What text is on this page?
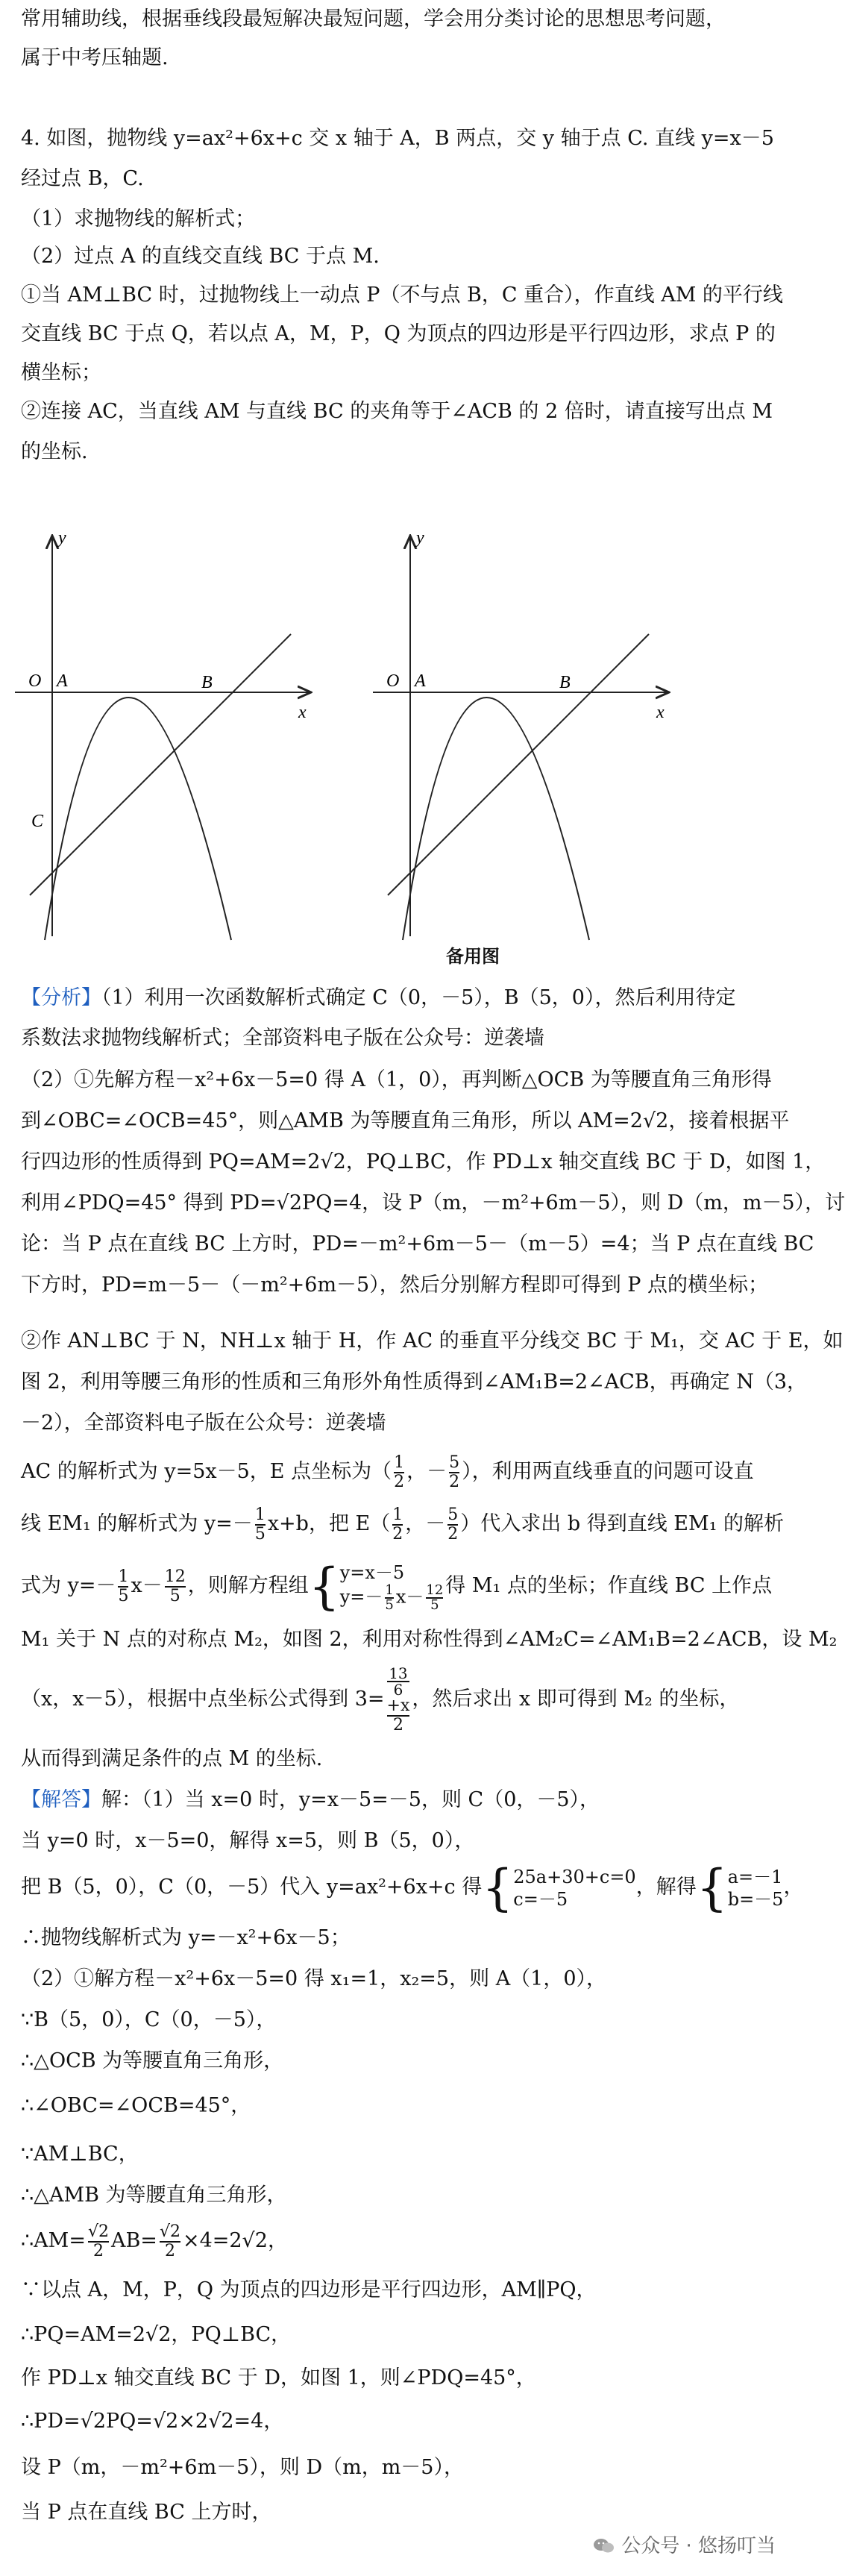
常用辅助线，根据垂线段最短解决最短问题，学会用分类讨论的思想思考问题，
属于中考压轴题.
4. 如图，抛物线 y=ax²+6x+c 交 x 轴于 A，B 两点，交 y 轴于点 C. 直线 y=x－5
经过点 B，C.
（1）求抛物线的解析式；
（2）过点 A 的直线交直线 BC 于点 M.
①当 AM⊥BC 时，过抛物线上一动点 P（不与点 B，C 重合），作直线 AM 的平行线
交直线 BC 于点 Q，若以点 A，M，P，Q 为顶点的四边形是平行四边形，求点 P 的
横坐标；
②连接 AC，当直线 AM 与直线 BC 的夹角等于∠ACB 的 2 倍时，请直接写出点 M
的坐标.
y
x
O A	B
C
y
x
O A	B
备用图
【分析】（1）利用一次函数解析式确定 C（0，－5），B（5，0），然后利用待定
系数法求抛物线解析式；全部资料电子版在公众号：逆袭墙
（2）①先解方程－x²+6x－5=0 得 A（1，0），再判断△OCB 为等腰直角三角形得
到∠OBC=∠OCB=45°，则△AMB 为等腰直角三角形，所以 AM=2√2，接着根据平
行四边形的性质得到 PQ=AM=2√2，PQ⊥BC，作 PD⊥x 轴交直线 BC 于 D，如图 1，
利用∠PDQ=45° 得到 PD=√2PQ=4，设 P（m，－m²+6m－5），则 D（m，m－5），讨
论：当 P 点在直线 BC 上方时，PD=－m²+6m－5－（m－5）=4；当 P 点在直线 BC
下方时，PD=m－5－（－m²+6m－5），然后分别解方程即可得到 P 点的横坐标；
②作 AN⊥BC 于 N，NH⊥x 轴于 H，作 AC 的垂直平分线交 BC 于 M₁，交 AC 于 E，如
图 2，利用等腰三角形的性质和三角形外角性质得到∠AM₁B=2∠ACB，再确定 N（3，
－2），全部资料电子版在公众号：逆袭墙
AC 的解析式为 y=5x－5，E 点坐标为（ $\frac{1}{2}$ ，－ $\frac{5}{2}$ ），利用两直线垂直的问题可设直
线 EM₁ 的解析式为 $y=- \frac{1}{5} x+b$，把 $E( \frac{1}{2}$ ，－ $\frac{5}{2}$ ）代入求出 b 得到直线 EM₁ 的解析
式为 $y=- \frac{1}{5} x- \frac{12}{5}$ ，则解方程组{ y=x－5
$y=- \frac{1}{5} x- \frac{12}{5}$ 得 M₁ 点的坐标；作直线 BC 上作点
M₁ 关于 N 点的对称点 M₂，如图 2，利用对称性得到∠AM₂C=∠AM₁B=2∠ACB，设 M₂
（x，x－5），根据中点坐标公式得到 3= 13
6
+x
2 ，然后求出 x 即可得到 M₂ 的坐标，
从而得到满足条件的点 M 的坐标.
【解答】解：（1）当 x=0 时，y=x－5=－5，则 C（0，－5），
当 y=0 时，x－5=0，解得 x=5，则 B（5，0），
把 B（5，0），C（0，－5）代入 y=ax²+6x+c 得{ 25a+30+c=0
c=－5
，解得{ a=－1
b=－5
，
∴抛物线解析式为 y=－x²+6x－5；
（2）①解方程－x²+6x－5=0 得 x₁=1，x₂=5，则 A（1，0），
∵B（5，0），C（0，－5），
∴△OCB 为等腰直角三角形，
∴∠OBC=∠OCB=45°，
∵AM⊥BC，
∴△AMB 为等腰直角三角形，
∴AM= $\frac{√2}{2} AB= \frac{√2}{2} \times 4=2√2$，
∵以点 A，M，P，Q 为顶点的四边形是平行四边形，AM∥PQ，
∴PQ=AM=2√2，PQ⊥BC，
作 PD⊥x 轴交直线 BC 于 D，如图 1，则∠PDQ=45°，
∴PD=√2PQ=√2×2√2=4，
设 P（m，－m²+6m－5），则 D（m，m－5），
当 P 点在直线 BC 上方时，
公众号 · 悠扬叮当
